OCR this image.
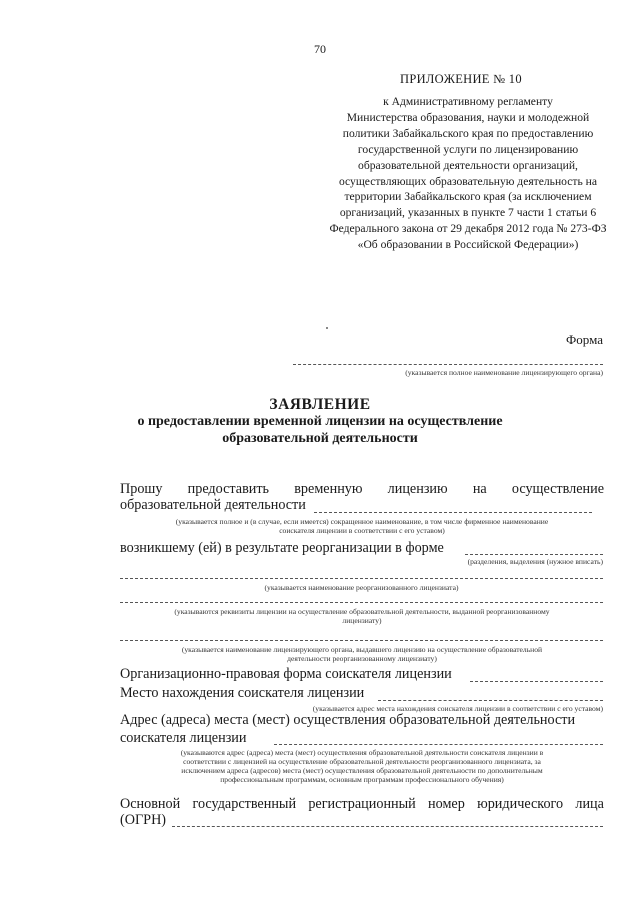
70
ПРИЛОЖЕНИЕ № 10
к Административному регламенту
Министерства образования, науки и молодежной
политики Забайкальского края по предоставлению
государственной услуги по лицензированию
образовательной деятельности организаций,
осуществляющих образовательную деятельность на
территории Забайкальского края (за исключением
организаций, указанных в пункте 7 части 1 статьи 6
Федерального закона от 29 декабря 2012 года № 273-ФЗ
«Об образовании в Российской Федерации»)
Форма
(указывается полное наименование лицензирующего органа)
ЗАЯВЛЕНИЕ
о предоставлении временной лицензии на осуществление
образовательной деятельности
Прошу предоставить временную лицензию на осуществление
образовательной деятельности
(указывается полное и (в случае, если имеется) сокращенное наименование, в том числе фирменное наименование
соискателя лицензии в соответствии с его уставом)
возникшему (ей) в результате реорганизации в форме
(разделения, выделения (нужное вписать)
(указывается наименование реорганизованного лицензиата)
(указываются реквизиты лицензии на осуществление образовательной деятельности, выданной реорганизованному
лицензиату)
(указывается наименование лицензирующего органа, выдавшего лицензию на осуществление образовательной
деятельности реорганизованному лицензиату)
Организационно-правовая форма соискателя лицензии
Место нахождения соискателя лицензии
(указывается адрес места нахождения соискателя лицензии в соответствии с его уставом)
Адрес (адреса) места (мест) осуществления образовательной деятельности
соискателя лицензии
(указываются адрес (адреса) места (мест) осуществления образовательной деятельности соискателя лицензии в
соответствии с лицензией на осуществление образовательной деятельности реорганизованного лицензиата, за
исключением адреса (адресов) места (мест) осуществления образовательной деятельности по дополнительным
профессиональным программам, основным программам профессионального обучения)
Основной государственный регистрационный номер юридического лица
(ОГРН)
